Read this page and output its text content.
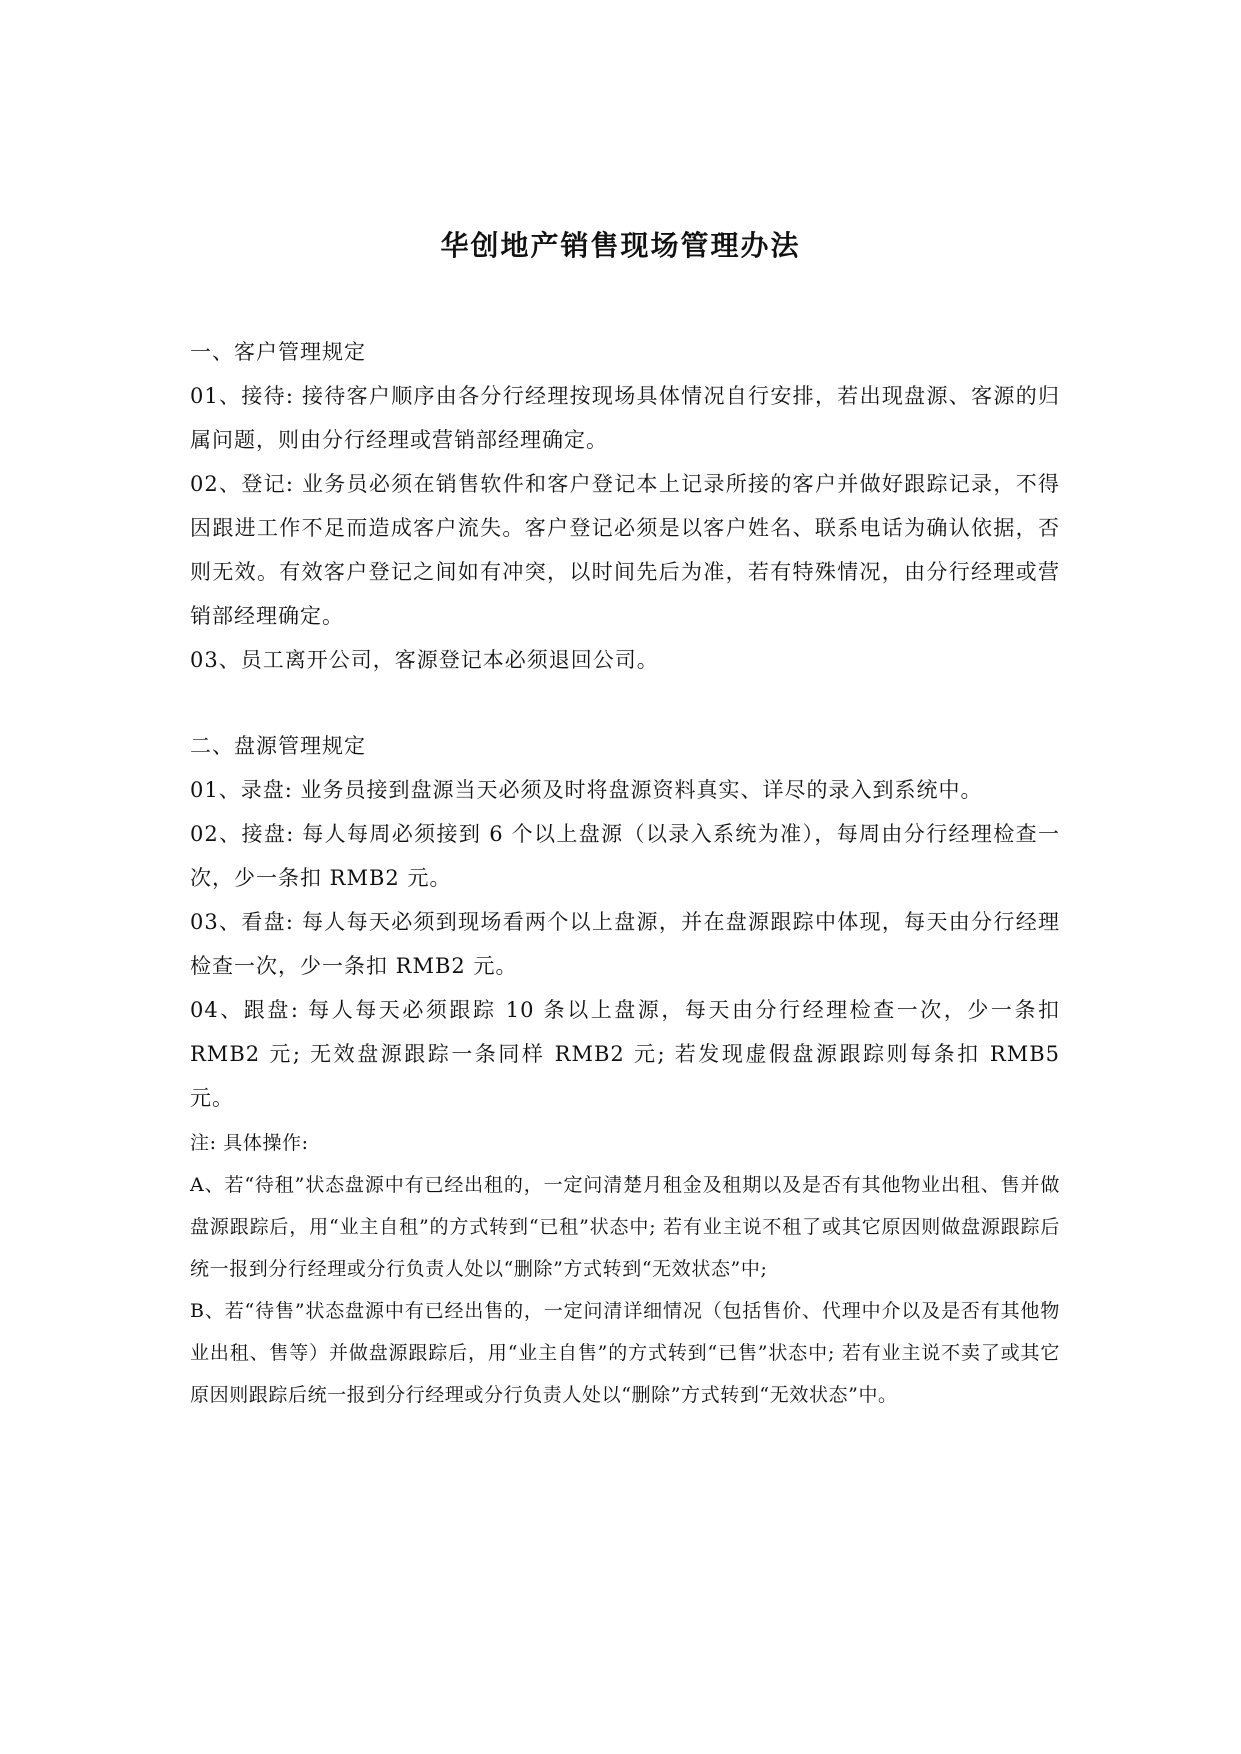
华创地产销售现场管理办法

一、客户管理规定

01、接待: 接待客户顺序由各分行经理按现场具体情况自行安排，若出现盘源、客源的归属问题，则由分行经理或营销部经理确定。

02、登记: 业务员必须在销售软件和客户登记本上记录所接的客户并做好跟踪记录，不得因跟进工作不足而造成客户流失。客户登记必须是以客户姓名、联系电话为确认依据，否则无效。有效客户登记之间如有冲突，以时间先后为准，若有特殊情况，由分行经理或营销部经理确定。

03、员工离开公司，客源登记本必须退回公司。

二、盘源管理规定

01、录盘: 业务员接到盘源当天必须及时将盘源资料真实、详尽的录入到系统中。

02、接盘: 每人每周必须接到 6 个以上盘源（以录入系统为准），每周由分行经理检查一次，少一条扣 RMB2 元。

03、看盘: 每人每天必须到现场看两个以上盘源，并在盘源跟踪中体现，每天由分行经理检查一次，少一条扣 RMB2 元。

04、跟盘: 每人每天必须跟踪 10 条以上盘源，每天由分行经理检查一次，少一条扣 RMB2 元; 无效盘源跟踪一条同样 RMB2 元; 若发现虚假盘源跟踪则每条扣 RMB5 元。

注: 具体操作:

A、若“待租”状态盘源中有已经出租的，一定问清楚月租金及租期以及是否有其他物业出租、售并做盘源跟踪后，用“业主自租”的方式转到“已租”状态中; 若有业主说不租了或其它原因则做盘源跟踪后统一报到分行经理或分行负责人处以“删除”方式转到“无效状态”中;

B、若“待售”状态盘源中有已经出售的，一定问清详细情况（包括售价、代理中介以及是否有其他物业出租、售等）并做盘源跟踪后，用“业主自售”的方式转到“已售”状态中; 若有业主说不卖了或其它原因则跟踪后统一报到分行经理或分行负责人处以“删除”方式转到“无效状态”中。
